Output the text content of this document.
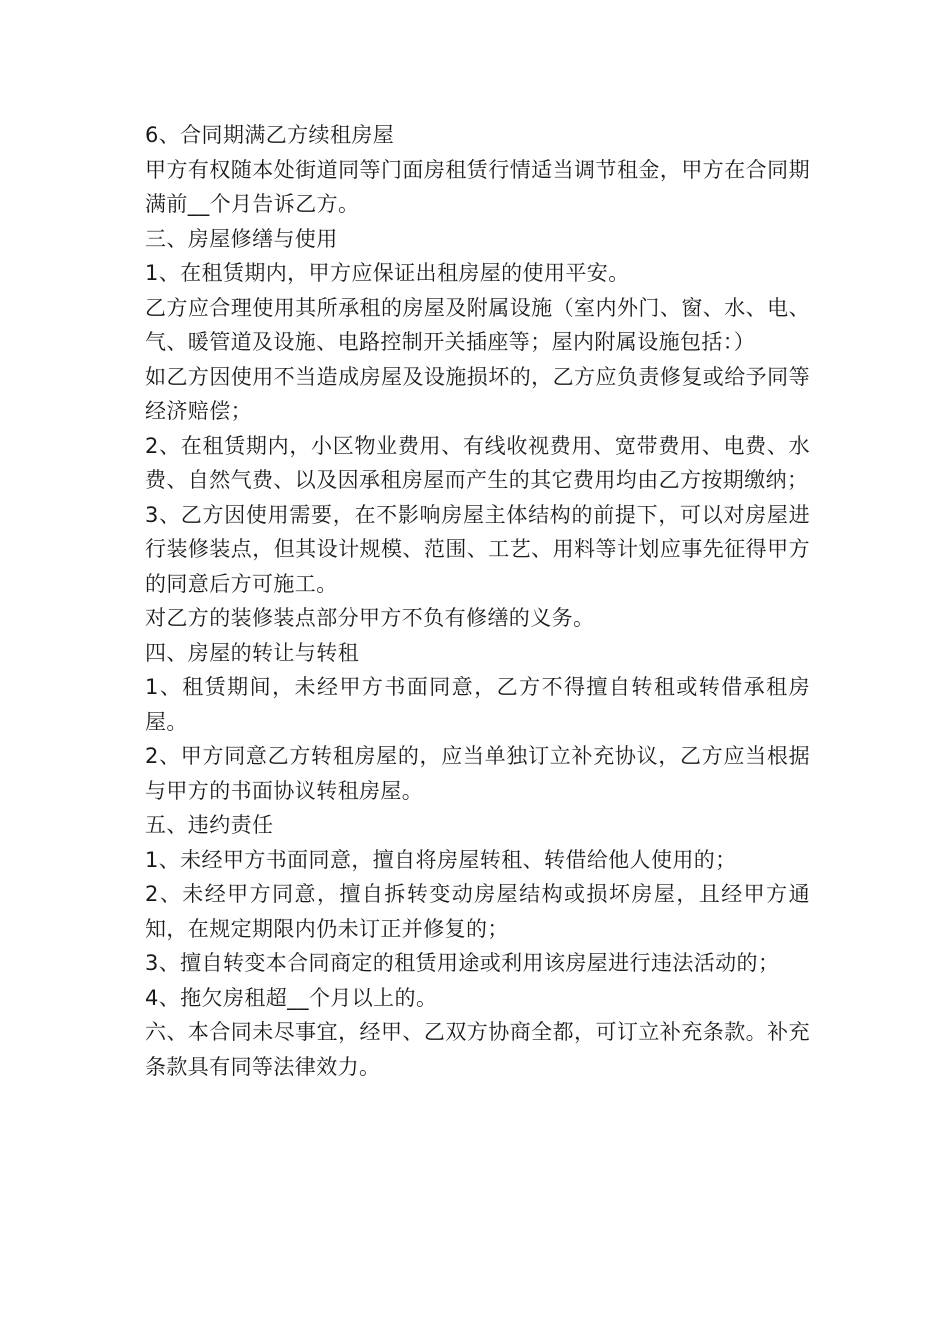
6、合同期满乙方续租房屋

甲方有权随本处街道同等门面房租赁行情适当调节租金，甲方在合同期满前__个月告诉乙方。

三、房屋修缮与使用

1、在租赁期内，甲方应保证出租房屋的使用平安。

乙方应合理使用其所承租的房屋及附属设施（室内外门、窗、水、电、气、暖管道及设施、电路控制开关插座等；屋内附属设施包括：）

如乙方因使用不当造成房屋及设施损坏的，乙方应负责修复或给予同等经济赔偿；

2、在租赁期内，小区物业费用、有线收视费用、宽带费用、电费、水费、自然气费、以及因承租房屋而产生的其它费用均由乙方按期缴纳；

3、乙方因使用需要，在不影响房屋主体结构的前提下，可以对房屋进行装修装点，但其设计规模、范围、工艺、用料等计划应事先征得甲方的同意后方可施工。

对乙方的装修装点部分甲方不负有修缮的义务。

四、房屋的转让与转租

1、租赁期间，未经甲方书面同意，乙方不得擅自转租或转借承租房屋。

2、甲方同意乙方转租房屋的，应当单独订立补充协议，乙方应当根据与甲方的书面协议转租房屋。

五、违约责任

1、未经甲方书面同意，擅自将房屋转租、转借给他人使用的；

2、未经甲方同意，擅自拆转变动房屋结构或损坏房屋，且经甲方通知，在规定期限内仍未订正并修复的；

3、擅自转变本合同商定的租赁用途或利用该房屋进行违法活动的；

4、拖欠房租超__个月以上的。

六、本合同未尽事宜，经甲、乙双方协商全都，可订立补充条款。补充条款具有同等法律效力。
